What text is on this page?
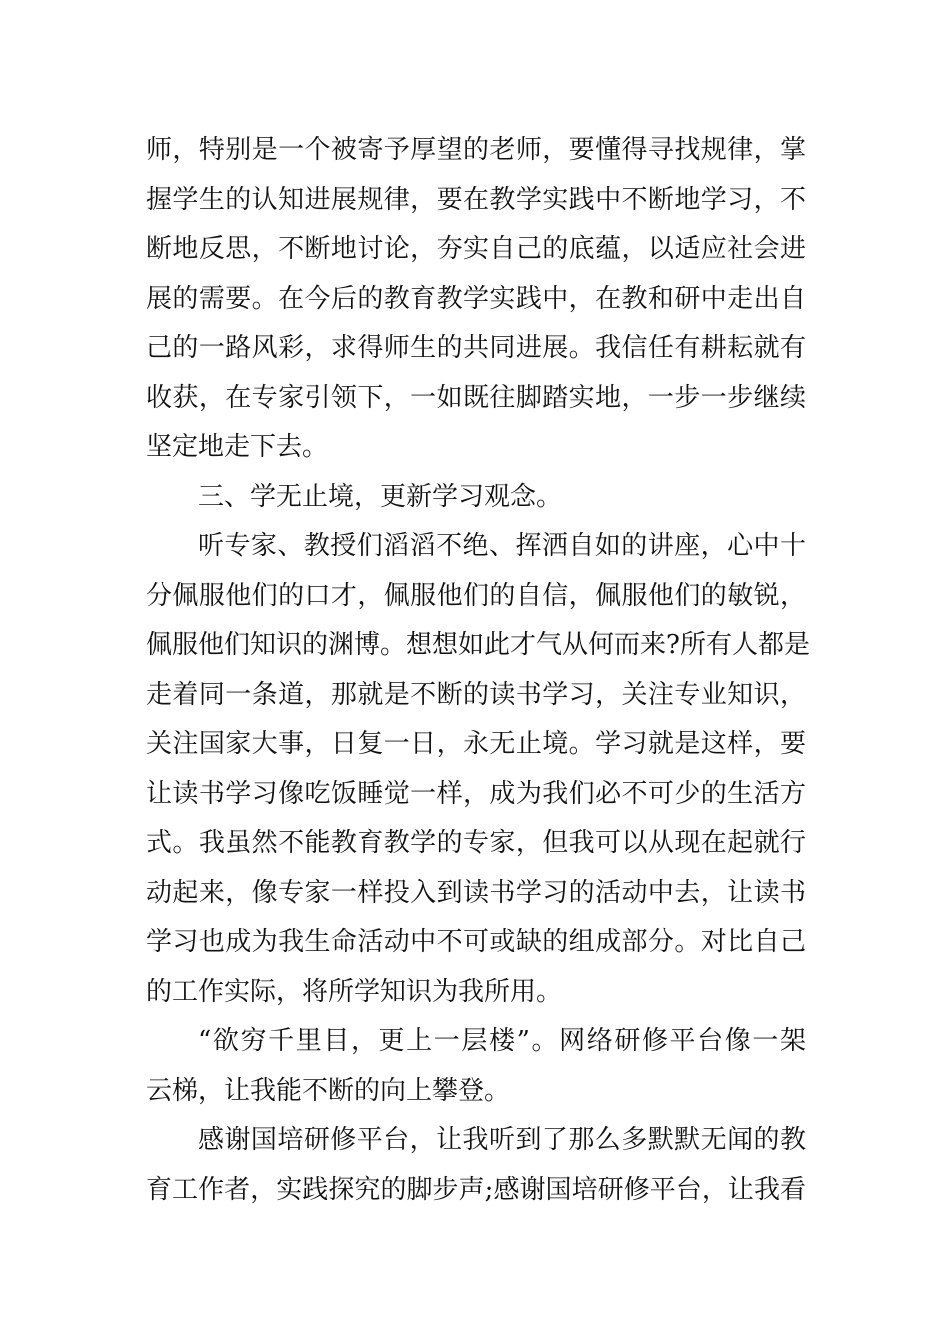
师，特别是一个被寄予厚望的老师，要懂得寻找规律，掌
握学生的认知进展规律，要在教学实践中不断地学习，不
断地反思，不断地讨论，夯实自己的底蕴，以适应社会进
展的需要。在今后的教育教学实践中，在教和研中走出自
己的一路风彩，求得师生的共同进展。我信任有耕耘就有
收获，在专家引领下，一如既往脚踏实地，一步一步继续
坚定地走下去。
三、学无止境，更新学习观念。
听专家、教授们滔滔不绝、挥洒自如的讲座，心中十
分佩服他们的口才，佩服他们的自信，佩服他们的敏锐，
佩服他们知识的渊博。想想如此才气从何而来?所有人都是
走着同一条道，那就是不断的读书学习，关注专业知识，
关注国家大事，日复一日，永无止境。学习就是这样，要
让读书学习像吃饭睡觉一样，成为我们必不可少的生活方
式。我虽然不能教育教学的专家，但我可以从现在起就行
动起来，像专家一样投入到读书学习的活动中去，让读书
学习也成为我生命活动中不可或缺的组成部分。对比自己
的工作实际，将所学知识为我所用。
“欲穷千里目，更上一层楼”。网络研修平台像一架
云梯，让我能不断的向上攀登。
感谢国培研修平台，让我听到了那么多默默无闻的教
育工作者，实践探究的脚步声;感谢国培研修平台，让我看
